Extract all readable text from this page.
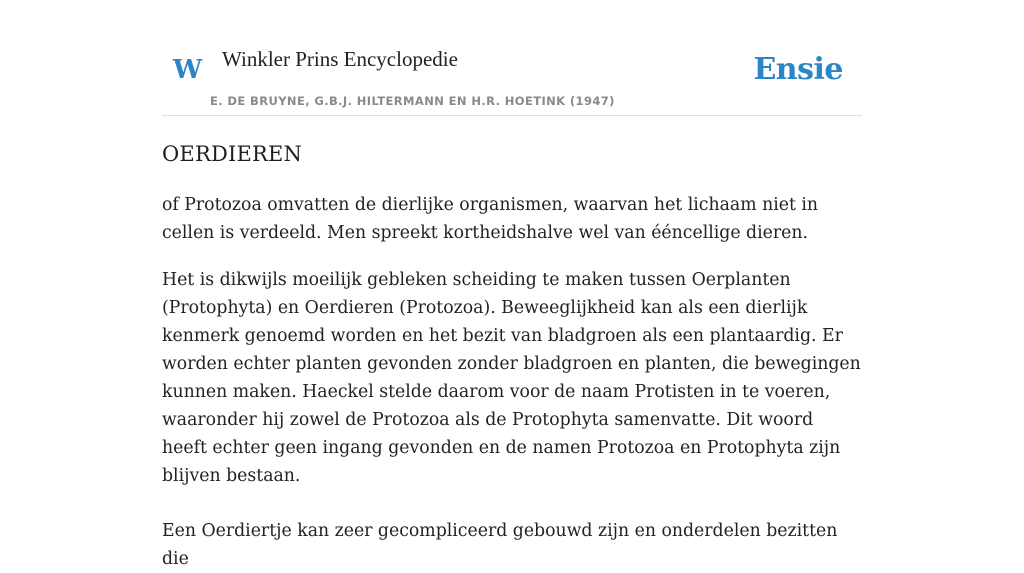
W Winkler Prins Encyclopedie
E. DE BRUYNE, G.B.J. HILTERMANN EN H.R. HOETINK (1947)
Ensie
OERDIEREN

of Protozoa omvatten de dierlijke organismen, waarvan het lichaam niet in cellen is verdeeld. Men spreekt kortheidshalve wel van ééncellige dieren.

Het is dikwijls moeilijk gebleken scheiding te maken tussen Oerplanten (Protophyta) en Oerdieren (Protozoa). Beweeglijkheid kan als een dierlijk kenmerk genoemd worden en het bezit van bladgroen als een plantaardig. Er worden echter planten gevonden zonder bladgroen en planten, die bewegingen kunnen maken. Haeckel stelde daarom voor de naam Protisten in te voeren, waaronder hij zowel de Protozoa als de Protophyta samenvatte. Dit woord heeft echter geen ingang gevonden en de namen Protozoa en Protophyta zijn blijven bestaan.

Een Oerdiertje kan zeer gecompliceerd gebouwd zijn en onderdelen bezitten die
